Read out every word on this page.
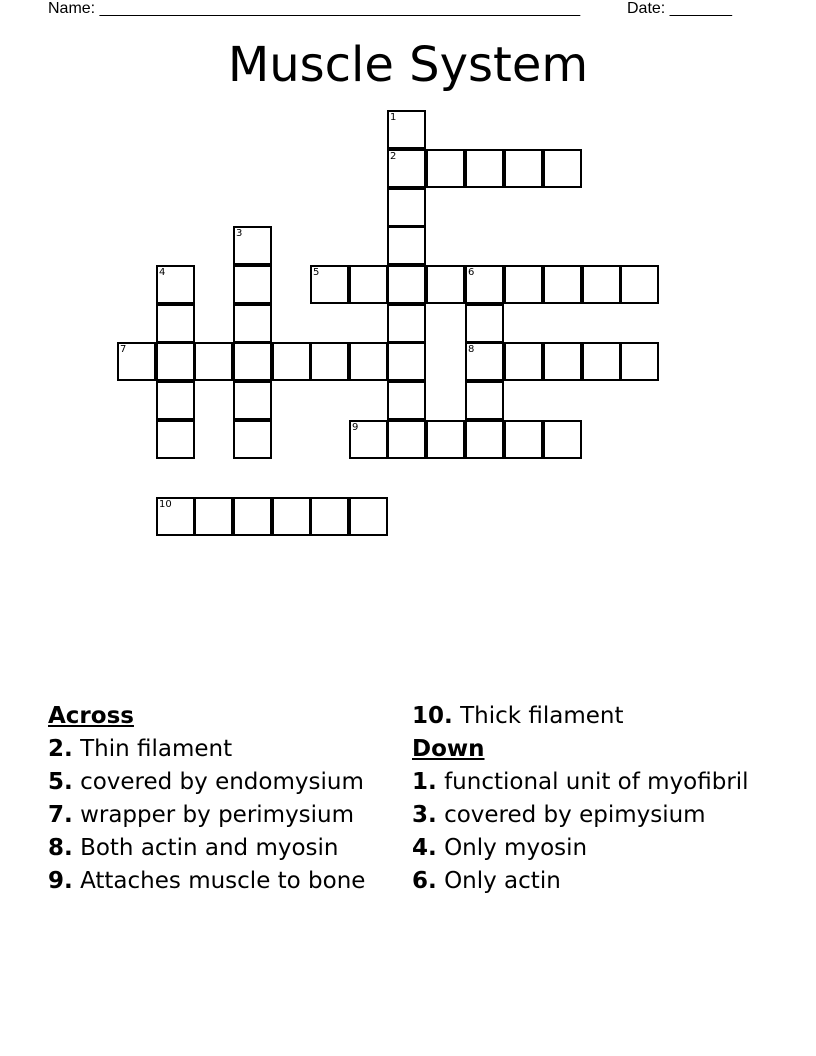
Name: ______________________________________________________	Date: _______
Muscle System
1
2
3
4	5	6
8
7
9
10
Across
2. Thin filament
5. covered by endomysium
7. wrapper by perimysium
8. Both actin and myosin
9. Attaches muscle to bone
10. Thick filament
Down
1. functional unit of myofibril
3. covered by epimysium
4. Only myosin
6. Only actin
